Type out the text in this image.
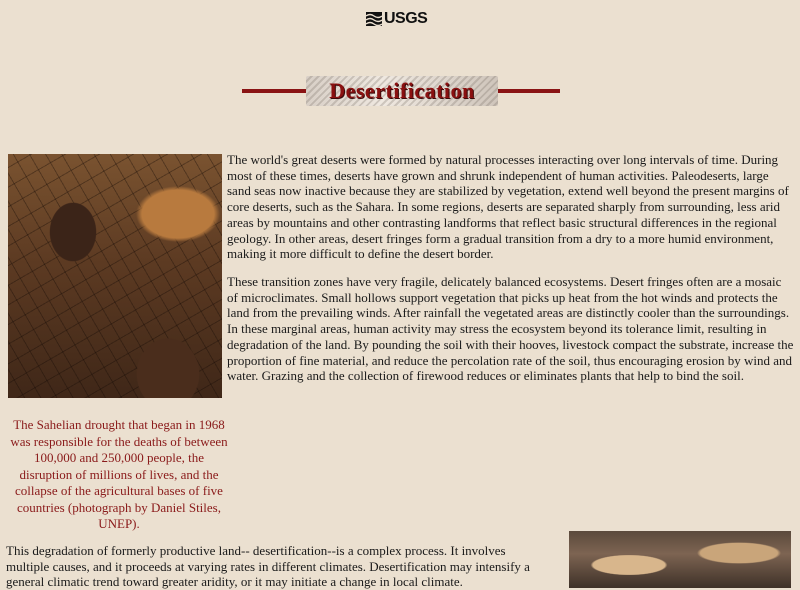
USGS
Desertification
The Sahelian drought that began in 1968 was responsible for the deaths of between 100,000 and 250,000 people, the disruption of millions of lives, and the collapse of the agricultural bases of five countries (photograph by Daniel Stiles, UNEP).

The world's great deserts were formed by natural processes interacting over long intervals of time. During most of these times, deserts have grown and shrunk independent of human activities. Paleodeserts, large sand seas now inactive because they are stabilized by vegetation, extend well beyond the present margins of core deserts, such as the Sahara. In some regions, deserts are separated sharply from surrounding, less arid areas by mountains and other contrasting landforms that reflect basic structural differences in the regional geology. In other areas, desert fringes form a gradual transition from a dry to a more humid environment, making it more difficult to define the desert border.

These transition zones have very fragile, delicately balanced ecosystems. Desert fringes often are a mosaic of microclimates. Small hollows support vegetation that picks up heat from the hot winds and protects the land from the prevailing winds. After rainfall the vegetated areas are distinctly cooler than the surroundings. In these marginal areas, human activity may stress the ecosystem beyond its tolerance limit, resulting in degradation of the land. By pounding the soil with their hooves, livestock compact the substrate, increase the proportion of fine material, and reduce the percolation rate of the soil, thus encouraging erosion by wind and water. Grazing and the collection of firewood reduces or eliminates plants that help to bind the soil.

This degradation of formerly productive land-- desertification--is a complex process. It involves multiple causes, and it proceeds at varying rates in different climates. Desertification may intensify a general climatic trend toward greater aridity, or it may initiate a change in local climate.
